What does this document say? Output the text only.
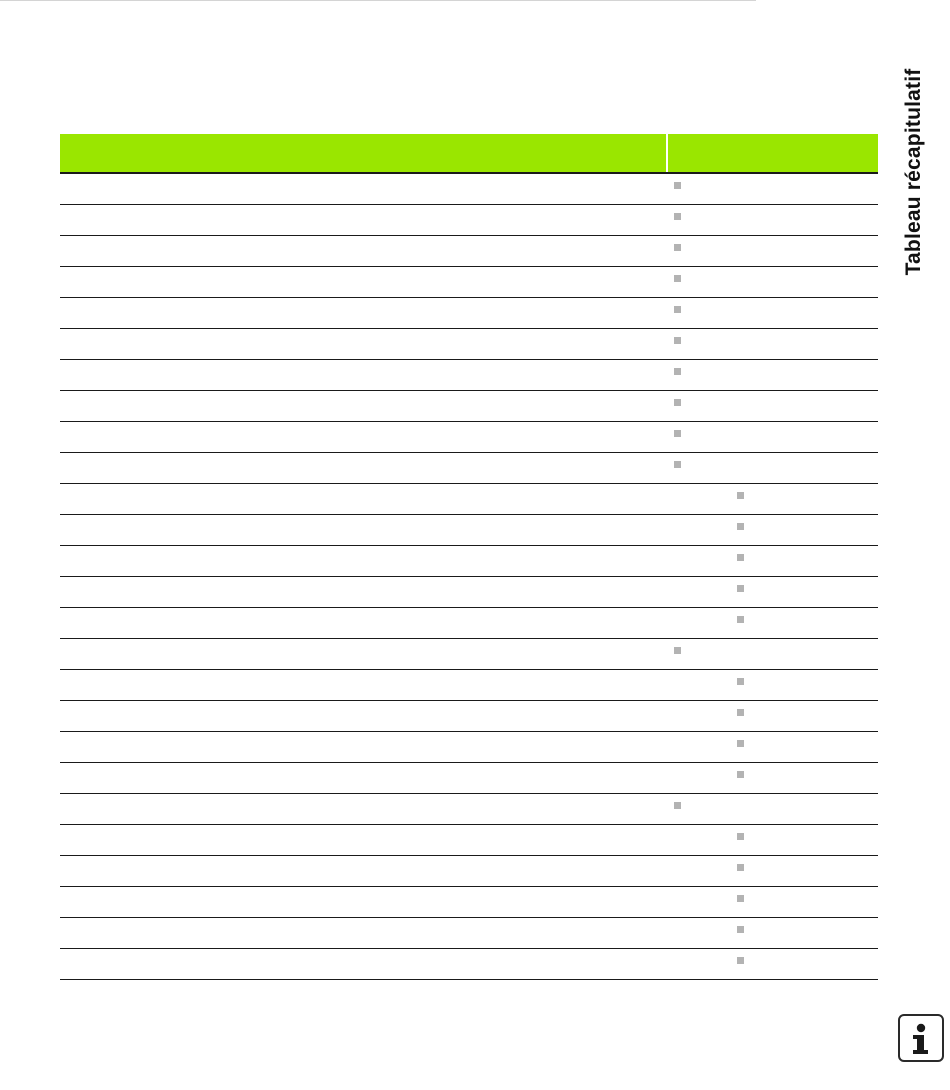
Tableau récapitulatif
